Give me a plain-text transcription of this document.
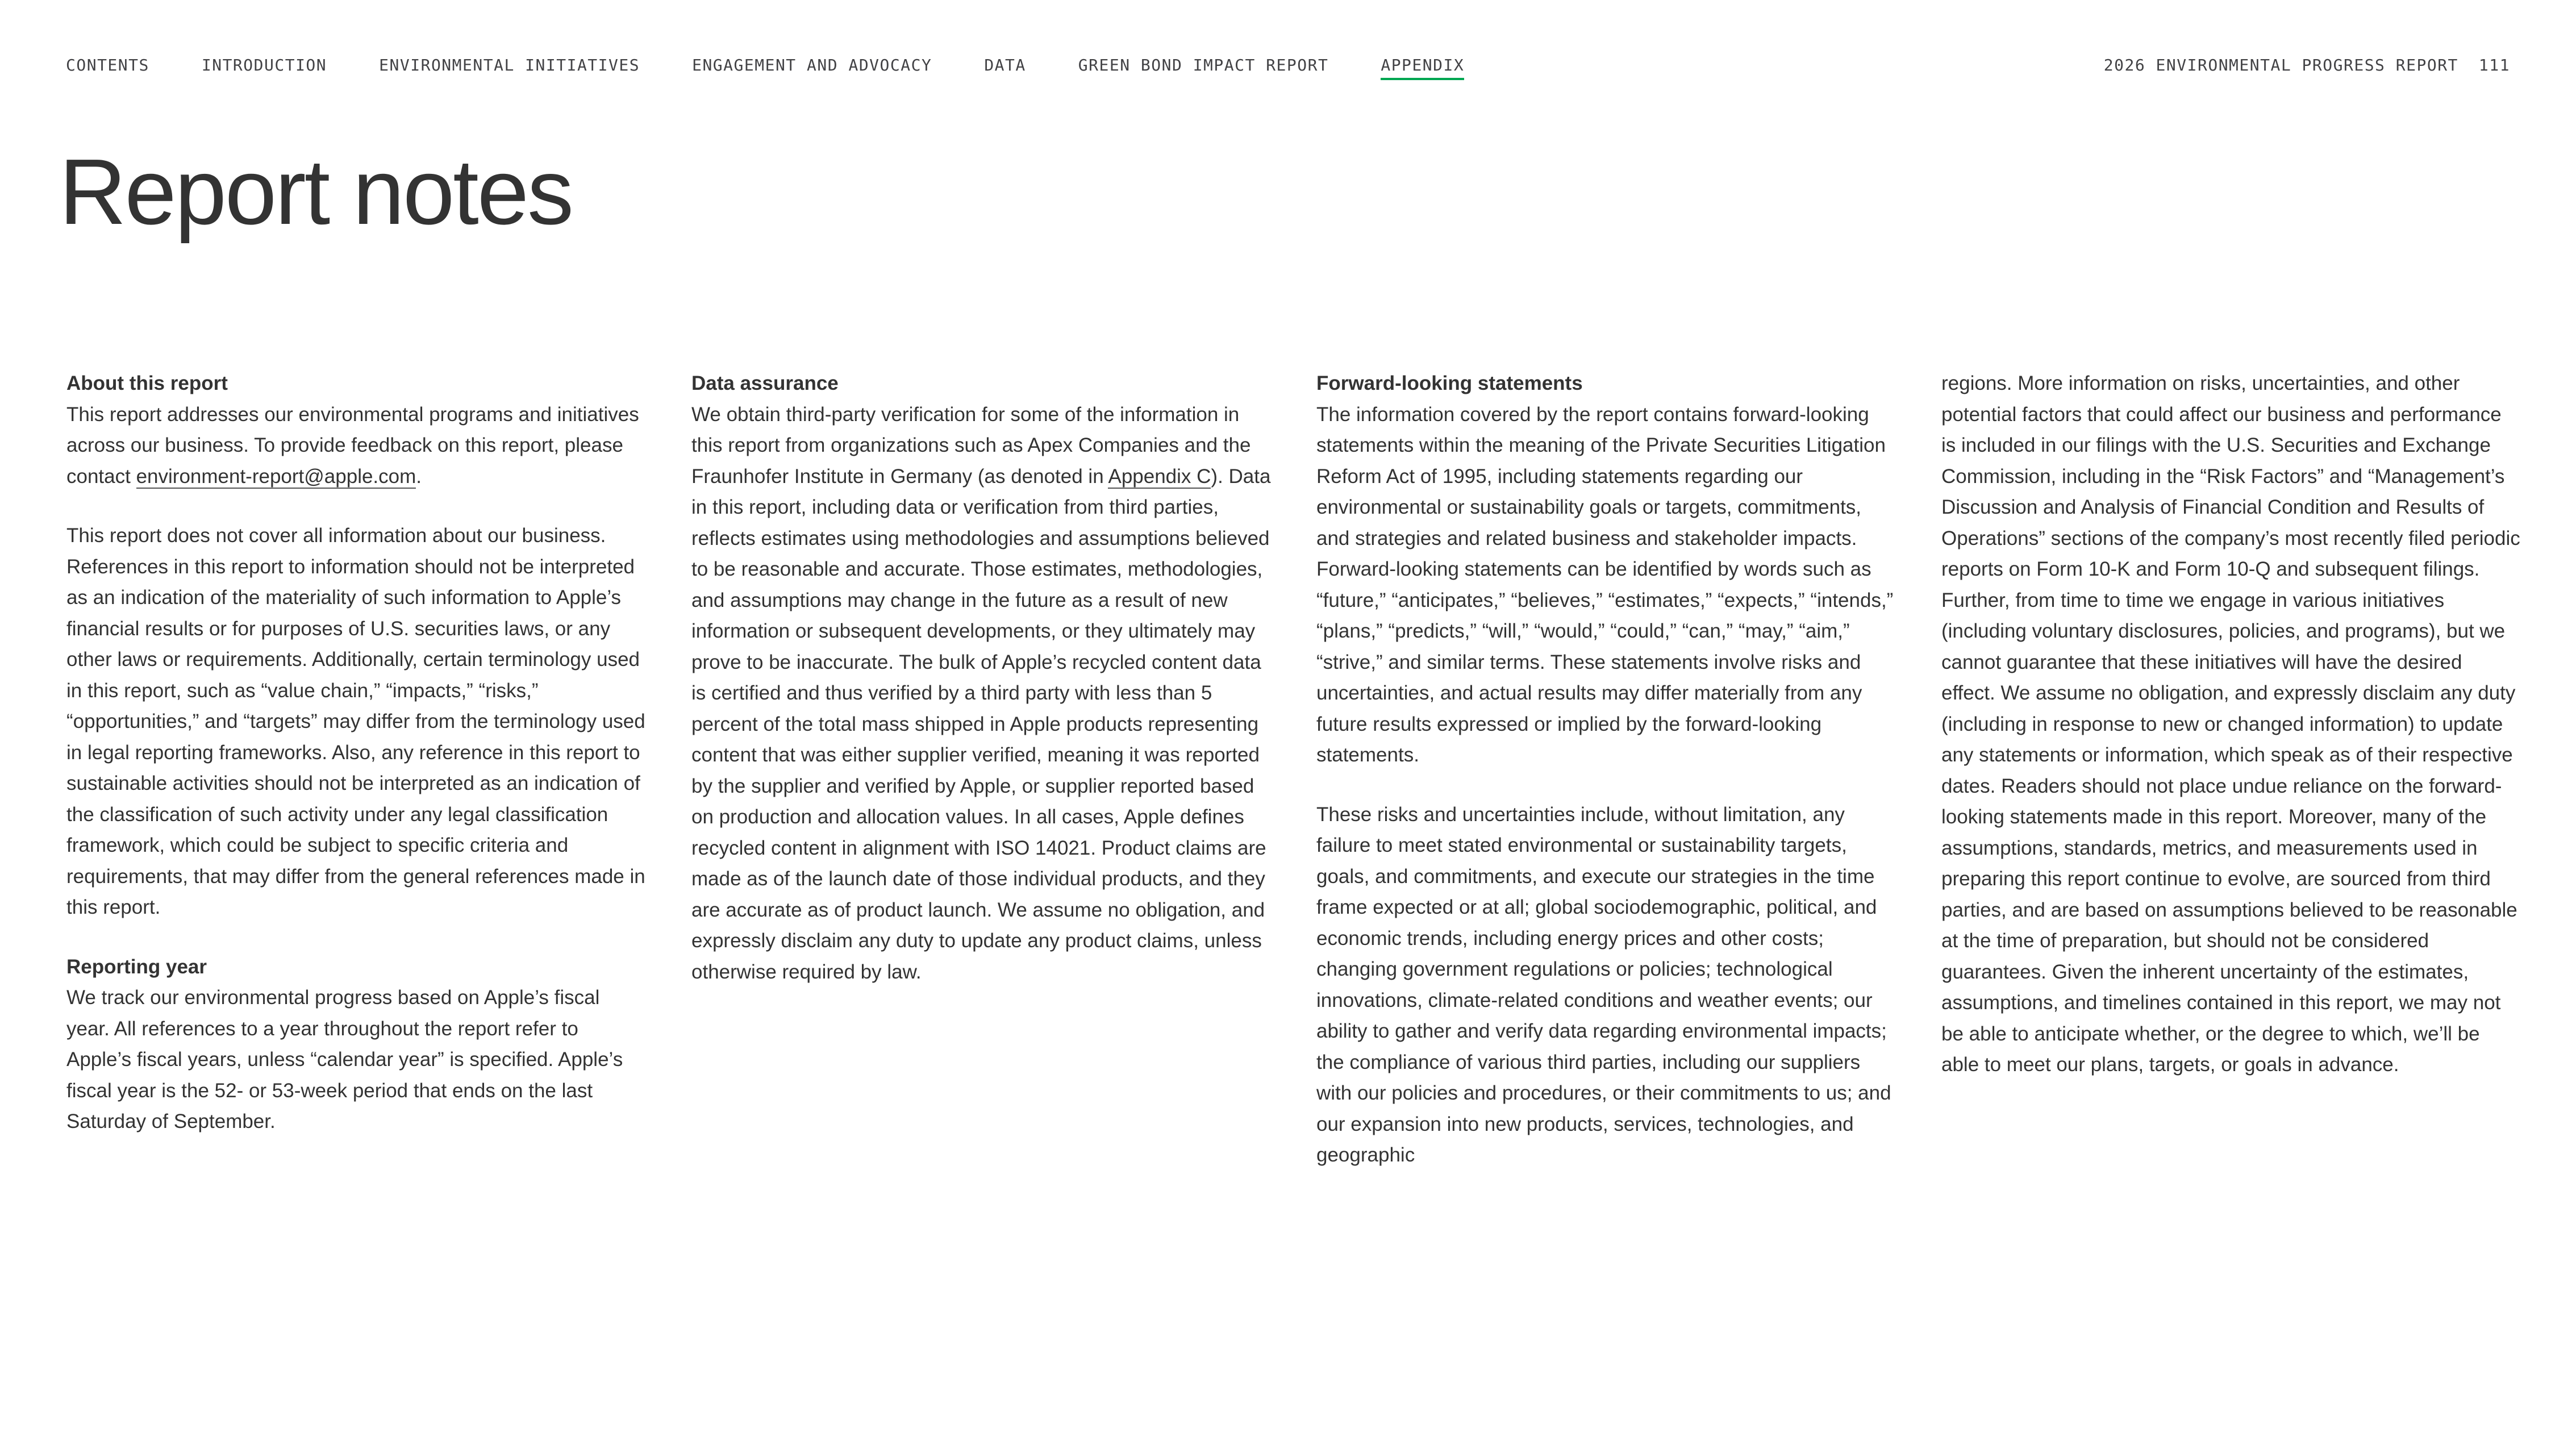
CONTENTS	INTRODUCTION	ENVIRONMENTAL INITIATIVES	ENGAGEMENT AND ADVOCACY	DATA	GREEN BOND IMPACT REPORT	APPENDIX	2026 ENVIRONMENTAL PROGRESS REPORT 111
Report notes
About this report

This report addresses our environmental programs and initiatives across our business. To provide feedback on this report, please contact environment-report@apple.com.

This report does not cover all information about our business. References in this report to information should not be interpreted as an indication of the materiality of such information to Apple’s financial results or for purposes of U.S. securities laws, or any other laws or requirements. Additionally, certain terminology used in this report, such as “value chain,” “impacts,” “risks,” “opportunities,” and “targets” may differ from the terminology used in legal reporting frameworks. Also, any reference in this report to sustainable activities should not be interpreted as an indication of the classification of such activity under any legal classification framework, which could be subject to specific criteria and requirements, that may differ from the general references made in this report.

Reporting year

We track our environmental progress based on Apple’s fiscal year. All references to a year throughout the report refer to Apple’s fiscal years, unless “calendar year” is specified. Apple’s fiscal year is the 52- or 53-week period that ends on the last Saturday of September.

Data assurance

We obtain third-party verification for some of the information in this report from organizations such as Apex Companies and the Fraunhofer Institute in Germany (as denoted in Appendix C). Data in this report, including data or verification from third parties, reflects estimates using methodologies and assumptions believed to be reasonable and accurate. Those estimates, methodologies, and assumptions may change in the future as a result of new information or subsequent developments, or they ultimately may prove to be inaccurate. The bulk of Apple’s recycled content data is certified and thus verified by a third party with less than 5 percent of the total mass shipped in Apple products representing content that was either supplier verified, meaning it was reported by the supplier and verified by Apple, or supplier reported based on production and allocation values. In all cases, Apple defines recycled content in alignment with ISO 14021. Product claims are made as of the launch date of those individual products, and they are accurate as of product launch. We assume no obligation, and expressly disclaim any duty to update any product claims, unless otherwise required by law.

Forward-looking statements

The information covered by the report contains forward-looking statements within the meaning of the Private Securities Litigation Reform Act of 1995, including statements regarding our environmental or sustainability goals or targets, commitments, and strategies and related business and stakeholder impacts. Forward-looking statements can be identified by words such as “future,” “anticipates,” “believes,” “estimates,” “expects,” “intends,” “plans,” “predicts,” “will,” “would,” “could,” “can,” “may,” “aim,” “strive,” and similar terms. These statements involve risks and uncertainties, and actual results may differ materially from any future results expressed or implied by the forward-looking statements.

These risks and uncertainties include, without limitation, any failure to meet stated environmental or sustainability targets, goals, and commitments, and execute our strategies in the time frame expected or at all; global sociodemographic, political, and economic trends, including energy prices and other costs; changing government regulations or policies; technological innovations, climate-related conditions and weather events; our ability to gather and verify data regarding environmental impacts; the compliance of various third parties, including our suppliers with our policies and procedures, or their commitments to us; and our expansion into new products, services, technologies, and geographic

regions. More information on risks, uncertainties, and other potential factors that could affect our business and performance is included in our filings with the U.S. Securities and Exchange Commission, including in the “Risk Factors” and “Management’s Discussion and Analysis of Financial Condition and Results of Operations” sections of the company’s most recently filed periodic reports on Form 10-K and Form 10-Q and subsequent filings. Further, from time to time we engage in various initiatives (including voluntary disclosures, policies, and programs), but we cannot guarantee that these initiatives will have the desired effect. We assume no obligation, and expressly disclaim any duty (including in response to new or changed information) to update any statements or information, which speak as of their respective dates. Readers should not place undue reliance on the forward-looking statements made in this report. Moreover, many of the assumptions, standards, metrics, and measurements used in preparing this report continue to evolve, are sourced from third parties, and are based on assumptions believed to be reasonable at the time of preparation, but should not be considered guarantees. Given the inherent uncertainty of the estimates, assumptions, and timelines contained in this report, we may not be able to anticipate whether, or the degree to which, we’ll be able to meet our plans, targets, or goals in advance.
